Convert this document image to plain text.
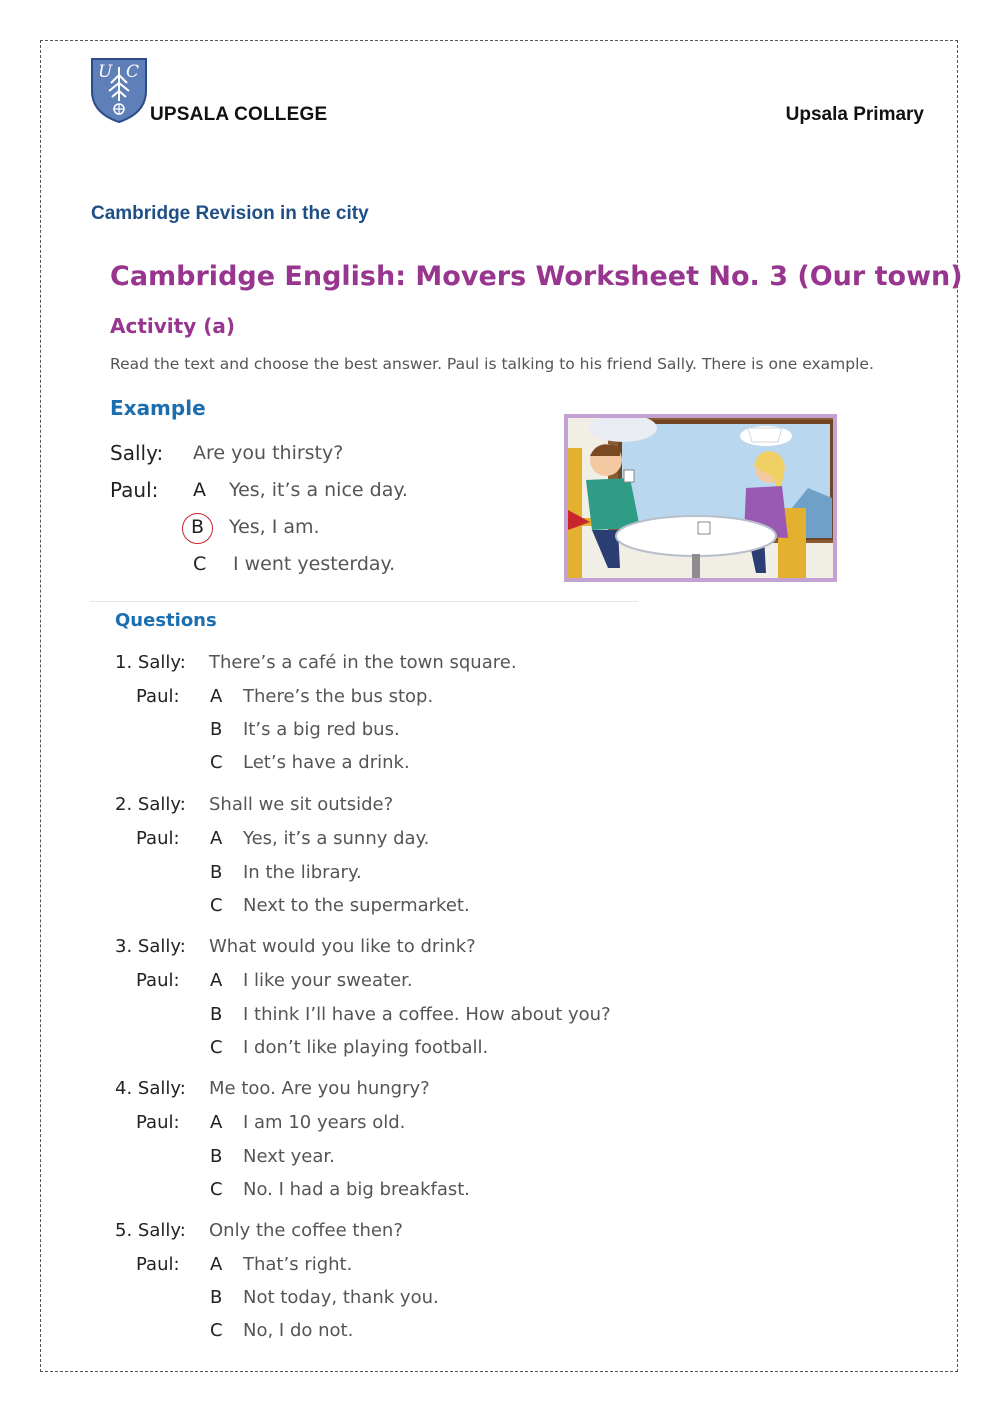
U C
UPSALA COLLEGE	Upsala Primary
Cambridge Revision in the city
Cambridge English: Movers Worksheet No. 3 (Our town)
Activity (a)
Read the text and choose the best answer. Paul is talking to his friend Sally. There is one example.
Example
Sally: Are you thirsty?
Paul: A Yes, it’s a nice day.
B Yes, I am.
C I went yesterday.
Questions
1. Sally: There’s a café in the town square.
Paul: A There’s the bus stop.
B It’s a big red bus.
C Let’s have a drink.
2. Sally: Shall we sit outside?
Paul: A Yes, it’s a sunny day.
B In the library.
C Next to the supermarket.
3. Sally: What would you like to drink?
Paul: A I like your sweater.
B I think I’ll have a coffee. How about you?
C I don’t like playing football.
4. Sally: Me too. Are you hungry?
Paul: A I am 10 years old.
B Next year.
C No. I had a big breakfast.
5. Sally: Only the coffee then?
Paul: A That’s right.
B Not today, thank you.
C No, I do not.
